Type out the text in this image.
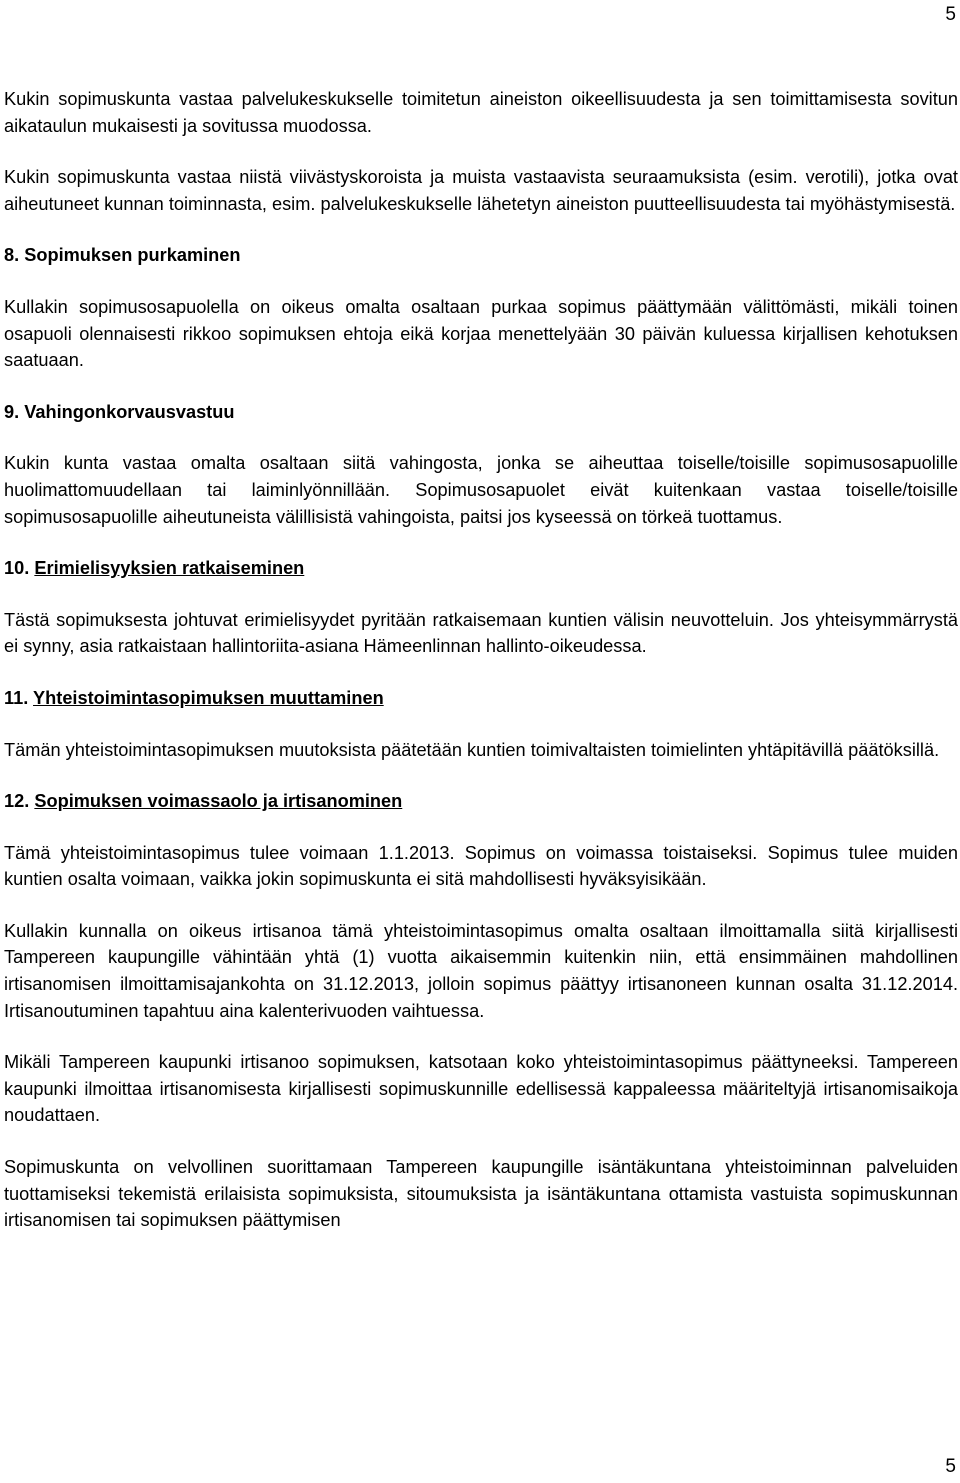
5

Kukin sopimuskunta vastaa palvelukeskukselle toimitetun aineiston oikeellisuudesta ja sen toimittamisesta sovitun aikataulun mukaisesti ja sovitussa muodossa.

Kukin sopimuskunta vastaa niistä viivästyskoroista ja muista vastaavista seuraamuksista (esim. verotili), jotka ovat aiheutuneet kunnan toiminnasta, esim. palvelukeskukselle lähetetyn aineiston puutteellisuudesta tai myöhästymisestä.

8. Sopimuksen purkaminen

Kullakin sopimusosapuolella on oikeus omalta osaltaan purkaa sopimus päättymään välittömästi, mikäli toinen osapuoli olennaisesti rikkoo sopimuksen ehtoja eikä korjaa menettelyään 30 päivän kuluessa kirjallisen kehotuksen saatuaan.

9. Vahingonkorvausvastuu

Kukin kunta vastaa omalta osaltaan siitä vahingosta, jonka se aiheuttaa toiselle/toisille sopimusosapuolille huolimattomuudellaan tai laiminlyönnillään. Sopimusosapuolet eivät kuitenkaan vastaa toiselle/toisille sopimusosapuolille aiheutuneista välillisistä vahingoista, paitsi jos kyseessä on törkeä tuottamus.

10. Erimielisyyksien ratkaiseminen

Tästä sopimuksesta johtuvat erimielisyydet pyritään ratkaisemaan kuntien välisin neuvotteluin. Jos yhteisymmärrystä ei synny, asia ratkaistaan hallintoriita-asiana Hämeenlinnan hallinto-oikeudessa.

11. Yhteistoimintasopimuksen muuttaminen

Tämän yhteistoimintasopimuksen muutoksista päätetään kuntien toimivaltaisten toimielinten yhtäpitävillä päätöksillä.

12. Sopimuksen voimassaolo ja irtisanominen

Tämä yhteistoimintasopimus tulee voimaan 1.1.2013. Sopimus on voimassa toistaiseksi. Sopimus tulee muiden kuntien osalta voimaan, vaikka jokin sopimuskunta ei sitä mahdollisesti hyväksyisikään.

Kullakin kunnalla on oikeus irtisanoa tämä yhteistoimintasopimus omalta osaltaan ilmoittamalla siitä kirjallisesti Tampereen kaupungille vähintään yhtä (1) vuotta aikaisemmin kuitenkin niin, että ensimmäinen mahdollinen irtisanomisen ilmoittamisajankohta on 31.12.2013, jolloin sopimus päättyy irtisanoneen kunnan osalta 31.12.2014. Irtisanoutuminen tapahtuu aina kalenterivuoden vaihtuessa.

Mikäli Tampereen kaupunki irtisanoo sopimuksen, katsotaan koko yhteistoimintasopimus päättyneeksi. Tampereen kaupunki ilmoittaa irtisanomisesta kirjallisesti sopimuskunnille edellisessä kappaleessa määriteltyjä irtisanomisaikoja noudattaen.

Sopimuskunta on velvollinen suorittamaan Tampereen kaupungille isäntäkuntana yhteistoiminnan palveluiden tuottamiseksi tekemistä erilaisista sopimuksista, sitoumuksista ja isäntäkuntana ottamista vastuista sopimuskunnan irtisanomisen tai sopimuksen päättymisen

5
